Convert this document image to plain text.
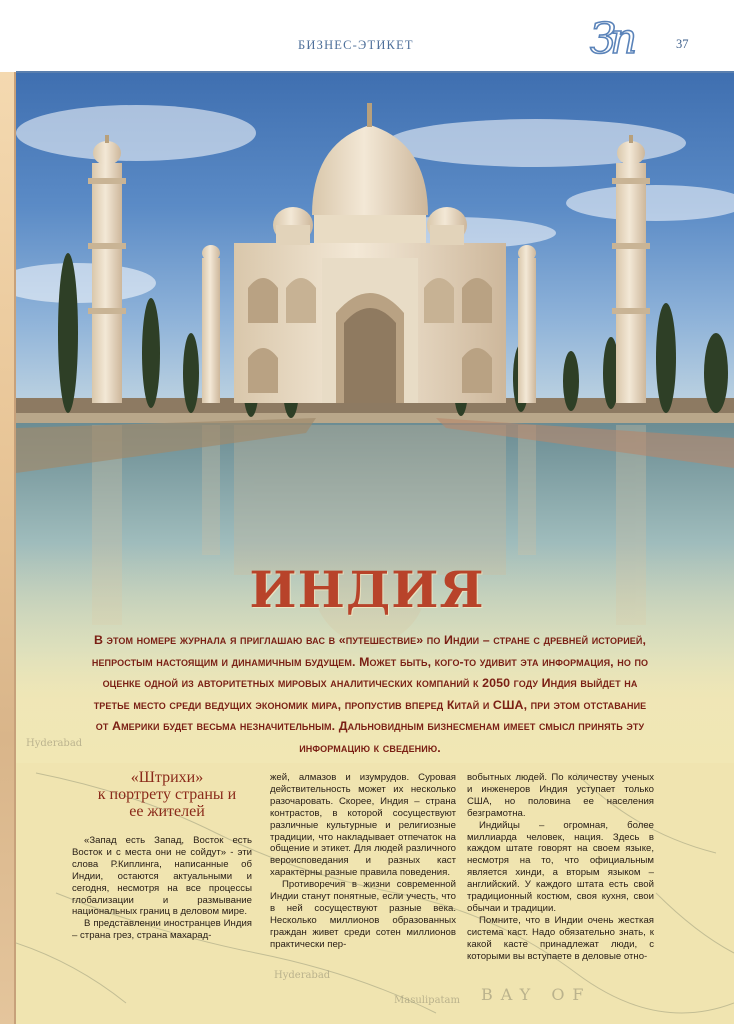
БИЗНЕС-ЭТИКЕТ	Зп	37
Hyderabad
Hyderabad
Masulipatam BAY OF
ИНДИЯ
В этом номере журнала я приглашаю вас в «путешествие» по Индии – стране с древней историей, непростым настоящим и динамичным будущем. Может быть, кого-то удивит эта информация, но по оценке одной из авторитетных мировых аналитических компаний к 2050 году Индия выйдет на третье место среди ведущих экономик мира, пропустив вперед Китай и США, при этом отставание от Америки будет весьма незначительным. Дальновидным бизнесменам имеет смысл принять эту информацию к сведению.
«Штрихи»
к портрету страны и
ее жителей

«Запад есть Запад, Восток есть Восток и с места они не сойдут» - эти слова Р.Киплинга, написанные об Индии, остаются актуальными и сегодня, несмотря на все процессы глобализации и размывание национальных границ в деловом мире.

В представлении иностранцев Индия – страна грез, страна махарад-

жей, алмазов и изумрудов. Суровая действительность может их несколько разочаровать. Скорее, Индия – страна контрастов, в которой сосуществуют различные культурные и религиозные традиции, что накладывает отпечаток на общение и этикет. Для людей различного вероисповедания и разных каст характерны разные правила поведения.

Противоречия в жизни современной Индии станут понятные, если учесть, что в ней сосуществуют разные века. Несколько миллионов образованных граждан живет среди сотен миллионов практически пер-

вобытных людей. По количеству ученых и инженеров Индия уступает только США, но половина ее населения безграмотна.

Индийцы – огромная, более миллиарда человек, нация. Здесь в каждом штате говорят на своем языке, несмотря на то, что официальным является хинди, а вторым языком – английский. У каждого штата есть свой традиционный костюм, своя кухня, свои обычаи и традиции.

Помните, что в Индии очень жесткая система каст. Надо обязательно знать, к какой касте принадлежат люди, с которыми вы вступаете в деловые отно-
